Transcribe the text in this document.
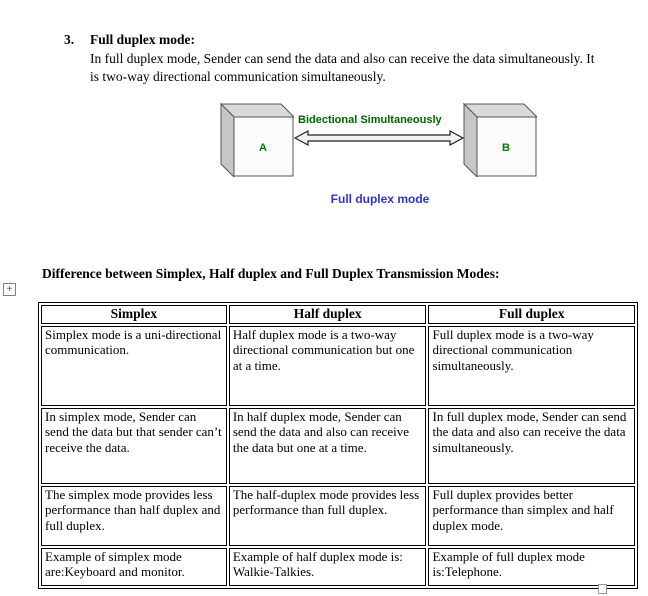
3.	Full duplex mode:
In full duplex mode, Sender can send the data and also can receive the data simultaneously. It is two-way directional communication simultaneously.
A	B
Bidectional Simultaneously
Full duplex mode
Difference between Simplex, Half duplex and Full Duplex Transmission Modes:
+
Simplex	Half duplex	Full duplex
Simplex mode is a uni-directional communication.	Half duplex mode is a two-way directional communication but one at a time.	Full duplex mode is a two-way directional communication simultaneously.
In simplex mode, Sender can send the data but that sender can’t receive the data.	In half duplex mode, Sender can send the data and also can receive the data but one at a time.	In full duplex mode, Sender can send the data and also can receive the data simultaneously.
The simplex mode provides less performance than half duplex and full duplex.	The half-duplex mode provides less performance than full duplex.	Full duplex provides better performance than simplex and half duplex mode.
Example of simplex mode are:Keyboard and monitor.	Example of half duplex mode is: Walkie-Talkies.	Example of full duplex mode is:Telephone.
